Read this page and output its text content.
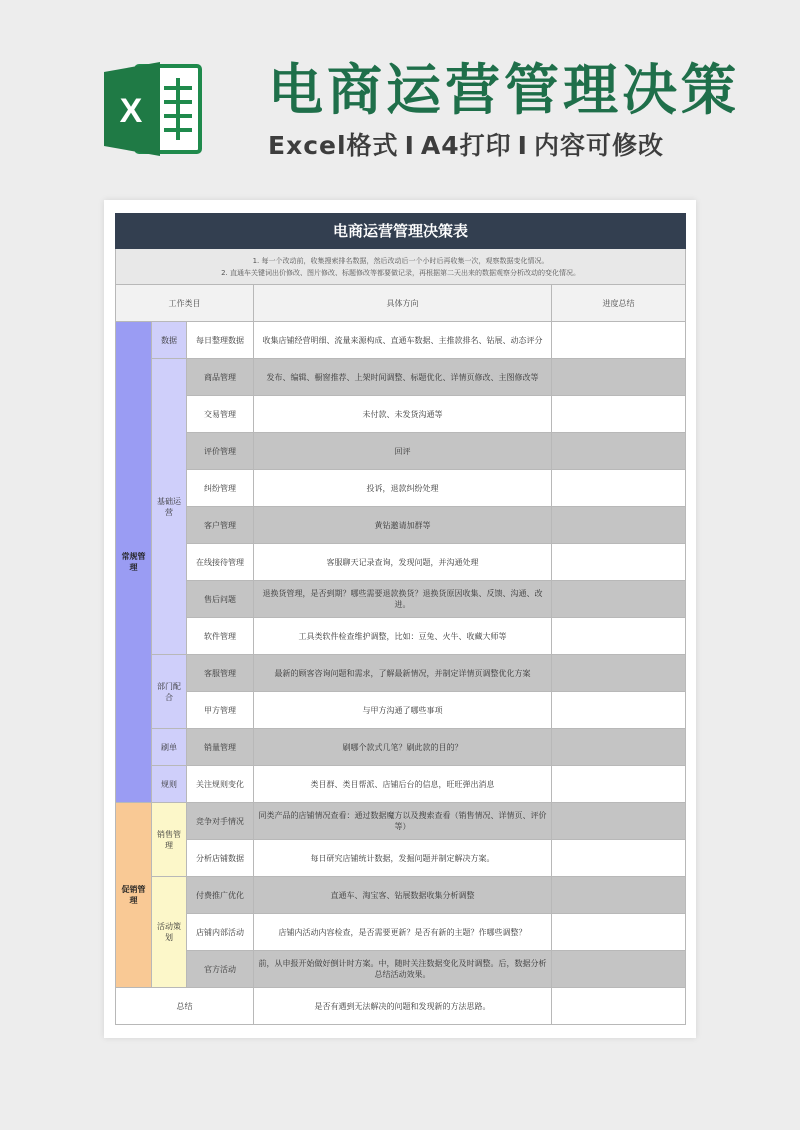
X 电商运营管理决策
Excel格式 I A4打印 I 内容可修改
电商运营管理决策表				

1. 每一个改动前，收集搜索排名数据，然后改动后一个小时后再收集一次，观察数据变化情况。
2. 直通车关键词出价修改、图片修改、标题修改等都要做记录，再根据第二天出来的数据观察分析改动的变化情况。				

工作类目			具体方向	进度总结
常规管理	数据	每日整理数据	收集店铺经营明细、流量来源构成、直通车数据、主推款排名、钻展、动态评分	
	基础运营	商品管理	发布、编辑、橱窗推荐、上架时间调整、标题优化、详情页修改、主图修改等	
		交易管理	未付款、未发货沟通等	
		评价管理	回评	
		纠纷管理	投诉，退款纠纷处理	
		客户管理	黄钻邀请加群等	
		在线接待管理	客服聊天记录查询，发现问题，并沟通处理	
		售后问题	退换货管理，是否到期？哪些需要退款换货？退换货原因收集、反馈、沟通、改进。	
		软件管理	工具类软件检查维护调整，比如：豆兔、火牛、收藏大师等	
	部门配合	客服管理	最新的顾客咨询问题和需求，了解最新情况，并制定详情页调整优化方案	
		甲方管理	与甲方沟通了哪些事项	
	刷单	销量管理	刷哪个款式几笔？刷此款的目的？	
	规则	关注规则变化	类目群、类目帮派、店铺后台的信息，旺旺弹出消息	
促销管理	销售管理	竞争对手情况	同类产品的店铺情况查看：通过数据魔方以及搜索查看（销售情况、详情页、评价等）	
		分析店铺数据	每日研究店铺统计数据，发掘问题并制定解决方案。	
	活动策划	付费推广优化	直通车、淘宝客、钻展数据收集分析调整	
		店铺内部活动	店铺内活动内容检查，是否需要更新？是否有新的主题？作哪些调整？	
		官方活动	前，从申报开始做好倒计时方案。中，随时关注数据变化及时调整。后，数据分析总结活动效果。	
总结			是否有遇到无法解决的问题和发现新的方法思路。	
